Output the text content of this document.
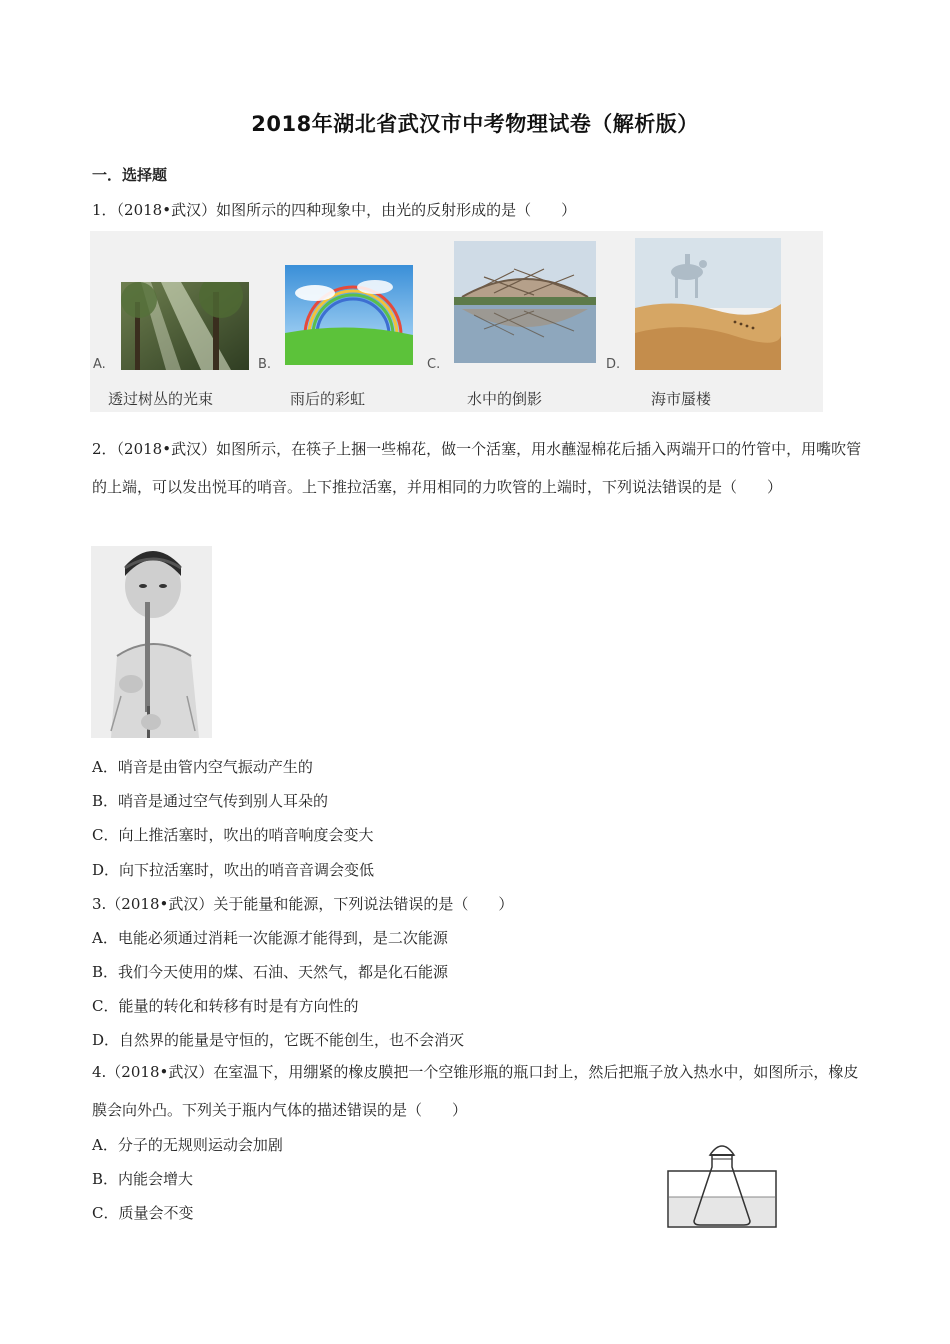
2018年湖北省武汉市中考物理试卷（解析版）
一．选择题
1．（2018•武汉）如图所示的四种现象中，由光的反射形成的是（　　）
A.
透过树丛的光束
B.
雨后的彩虹
C.
水中的倒影
D.
海市蜃楼
2．（2018•武汉）如图所示，在筷子上捆一些棉花，做一个活塞，用水蘸湿棉花后插入两端开口的竹管中，用嘴吹管的上端，可以发出悦耳的哨音。上下推拉活塞，并用相同的力吹管的上端时，下列说法错误的是（　　）
A．哨音是由管内空气振动产生的
B．哨音是通过空气传到别人耳朵的
C．向上推活塞时，吹出的哨音响度会变大
D．向下拉活塞时，吹出的哨音音调会变低
3.（2018•武汉）关于能量和能源，下列说法错误的是（　　）
A．电能必须通过消耗一次能源才能得到，是二次能源
B．我们今天使用的煤、石油、天然气，都是化石能源
C．能量的转化和转移有时是有方向性的
D．自然界的能量是守恒的，它既不能创生，也不会消灭
4.（2018•武汉）在室温下，用绷紧的橡皮膜把一个空锥形瓶的瓶口封上，然后把瓶子放入热水中，如图所示，橡皮膜会向外凸。下列关于瓶内气体的描述错误的是（　　）
A．分子的无规则运动会加剧
B．内能会增大
C．质量会不变
